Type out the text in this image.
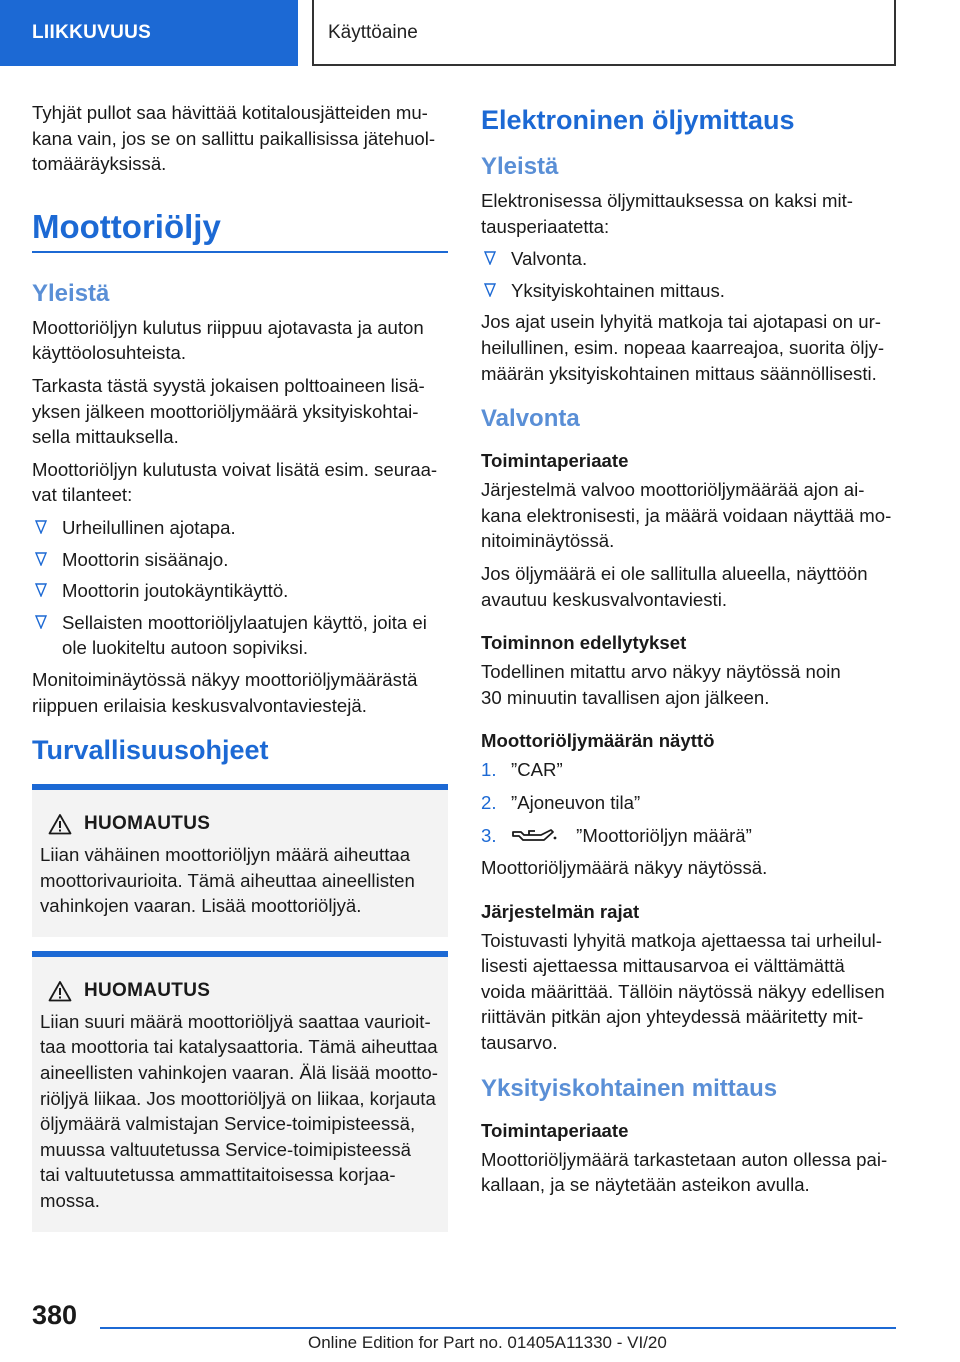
LIIKKUVUUS	Käyttöaine

Tyhjät pullot saa hävittää kotitalousjätteiden mu-
kana vain, jos se on sallittu paikallisissa jätehuol-
tomääräyksissä.

Moottoriöljy
Yleistä

Moottoriöljyn kulutus riippuu ajotavasta ja auton
käyttöolosuhteista.

Tarkasta tästä syystä jokaisen polttoaineen lisä-
yksen jälkeen moottoriöljymäärä yksityiskohtai-
sella mittauksella.

Moottoriöljyn kulutusta voivat lisätä esim. seuraa-
vat tilanteet:

Urheilullinen ajotapa.
Moottorin sisäänajo.
Moottorin joutokäyntikäyttö.
Sellaisten moottoriöljylaatujen käyttö, joita ei
ole luokiteltu autoon sopiviksi.

Monitoiminäytössä näkyy moottoriöljymäärästä
riippuen erilaisia keskusvalvontaviestejä.

Turvallisuusohjeet
HUOMAUTUS

Liian vähäinen moottoriöljyn määrä aiheuttaa
moottorivaurioita. Tämä aiheuttaa aineellisten
vahinkojen vaaran. Lisää moottoriöljyä.

HUOMAUTUS

Liian suuri määrä moottoriöljyä saattaa vaurioit-
taa moottoria tai katalysaattoria. Tämä aiheuttaa
aineellisten vahinkojen vaaran. Älä lisää mootto-
riöljyä liikaa. Jos moottoriöljyä on liikaa, korjauta
öljymäärä valmistajan Service-toimipisteessä,
muussa valtuutetussa Service-toimipisteessä
tai valtuutetussa ammattitaitoisessa korjaa-
mossa.

Elektroninen öljymittaus
Yleistä

Elektronisessa öljymittauksessa on kaksi mit-
tausperiaatetta:

Valvonta.
Yksityiskohtainen mittaus.

Jos ajat usein lyhyitä matkoja tai ajotapasi on ur-
heilullinen, esim. nopeaa kaarreajoa, suorita öljy-
määrän yksityiskohtainen mittaus säännöllisesti.

Valvonta
Toimintaperiaate

Järjestelmä valvoo moottoriöljymäärää ajon ai-
kana elektronisesti, ja määrä voidaan näyttää mo-
nitoiminäytössä.

Jos öljymäärä ei ole sallitulla alueella, näyttöön
avautuu keskusvalvontaviesti.

Toiminnon edellytykset

Todellinen mitattu arvo näkyy näytössä noin
30 minuutin tavallisen ajon jälkeen.

Moottoriöljymäärän näyttö
1. ”CAR”
2. ”Ajoneuvon tila”
3.	”Moottoriöljyn määrä”

Moottoriöljymäärä näkyy näytössä.

Järjestelmän rajat

Toistuvasti lyhyitä matkoja ajettaessa tai urheilul-
lisesti ajettaessa mittausarvoa ei välttämättä
voida määrittää. Tällöin näytössä näkyy edellisen
riittävän pitkän ajon yhteydessä määritetty mit-
tausarvo.

Yksityiskohtainen mittaus
Toimintaperiaate

Moottoriöljymäärä tarkastetaan auton ollessa pai-
kallaan, ja se näytetään asteikon avulla.

380
Online Edition for Part no. 01405A11330 - VI/20
